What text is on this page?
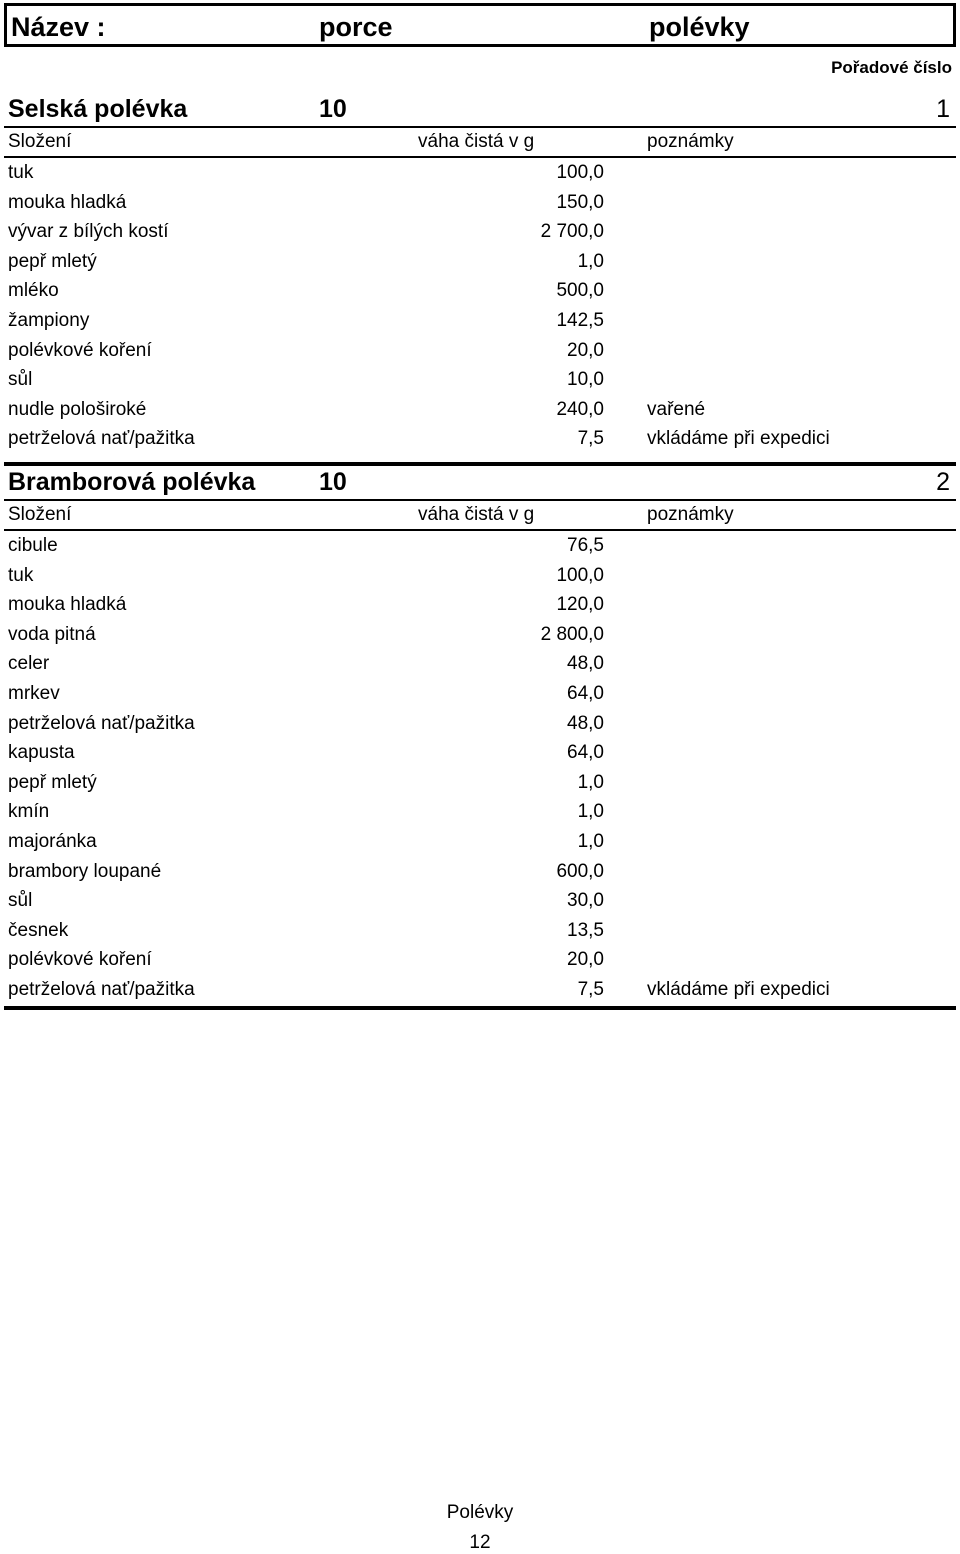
Název :	porce	polévky
Pořadové číslo
Selská polévka	10	1
Složení	váha čistá v g	poznámky
tuk	100,0
mouka hladká	150,0
vývar z bílých kostí	2 700,0
pepř mletý	1,0
mléko	500,0
žampiony	142,5
polévkové koření	20,0
sůl	10,0
nudle pološiroké	240,0 vařené
petrželová nať/pažitka	7,5 vkládáme při expedici
Bramborová polévka	10	2
Složení	váha čistá v g	poznámky
cibule	76,5
tuk	100,0
mouka hladká	120,0
voda pitná	2 800,0
celer	48,0
mrkev	64,0
petrželová nať/pažitka	48,0
kapusta	64,0
pepř mletý	1,0
kmín	1,0
majoránka	1,0
brambory loupané	600,0
sůl	30,0
česnek	13,5
polévkové koření	20,0
petrželová nať/pažitka	7,5 vkládáme při expedici
Polévky
12
